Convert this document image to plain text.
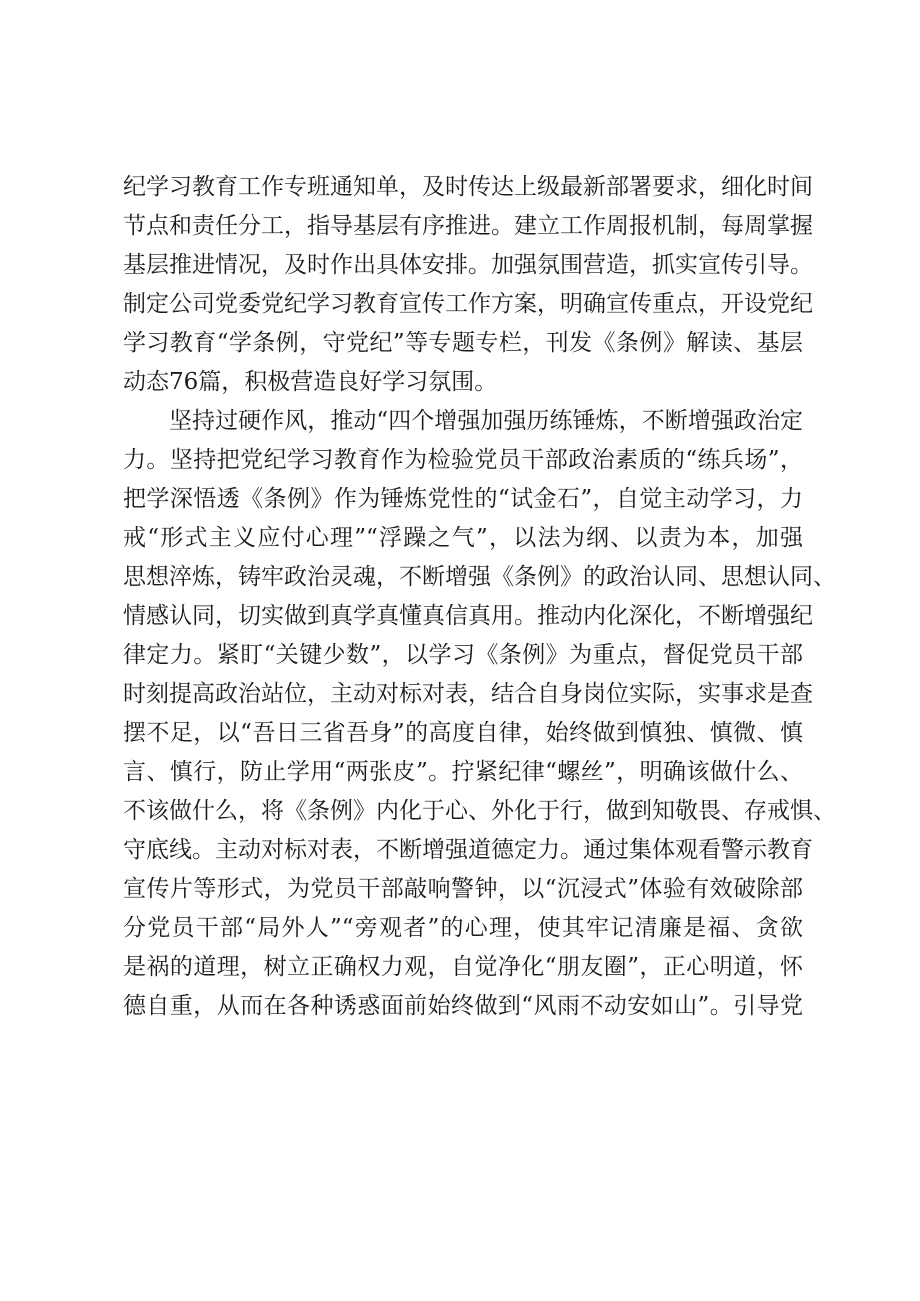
纪学习教育工作专班通知单，及时传达上级最新部署要求，细化时间
节点和责任分工，指导基层有序推进。建立工作周报机制，每周掌握
基层推进情况，及时作出具体安排。加强氛围营造，抓实宣传引导。
制定公司党委党纪学习教育宣传工作方案，明确宣传重点，开设党纪
学习教育“学条例，守党纪”等专题专栏，刊发《条例》解读、基层
动态76篇，积极营造良好学习氛围。
坚持过硬作风，推动“四个增强加强历练锤炼，不断增强政治定
力。坚持把党纪学习教育作为检验党员干部政治素质的“练兵场”，
把学深悟透《条例》作为锤炼党性的“试金石”，自觉主动学习，力
戒“形式主义应付心理”“浮躁之气”，以法为纲、以责为本，加强
思想淬炼，铸牢政治灵魂，不断增强《条例》的政治认同、思想认同、
情感认同，切实做到真学真懂真信真用。推动内化深化，不断增强纪
律定力。紧盯“关键少数”，以学习《条例》为重点，督促党员干部
时刻提高政治站位，主动对标对表，结合自身岗位实际，实事求是查
摆不足，以“吾日三省吾身”的高度自律，始终做到慎独、慎微、慎
言、慎行，防止学用“两张皮”。拧紧纪律“螺丝”，明确该做什么、
不该做什么，将《条例》内化于心、外化于行，做到知敬畏、存戒惧、
守底线。主动对标对表，不断增强道德定力。通过集体观看警示教育
宣传片等形式，为党员干部敲响警钟，以“沉浸式”体验有效破除部
分党员干部“局外人”“旁观者”的心理，使其牢记清廉是福、贪欲
是祸的道理，树立正确权力观，自觉净化“朋友圈”，正心明道，怀
德自重，从而在各种诱惑面前始终做到“风雨不动安如山”。引导党
